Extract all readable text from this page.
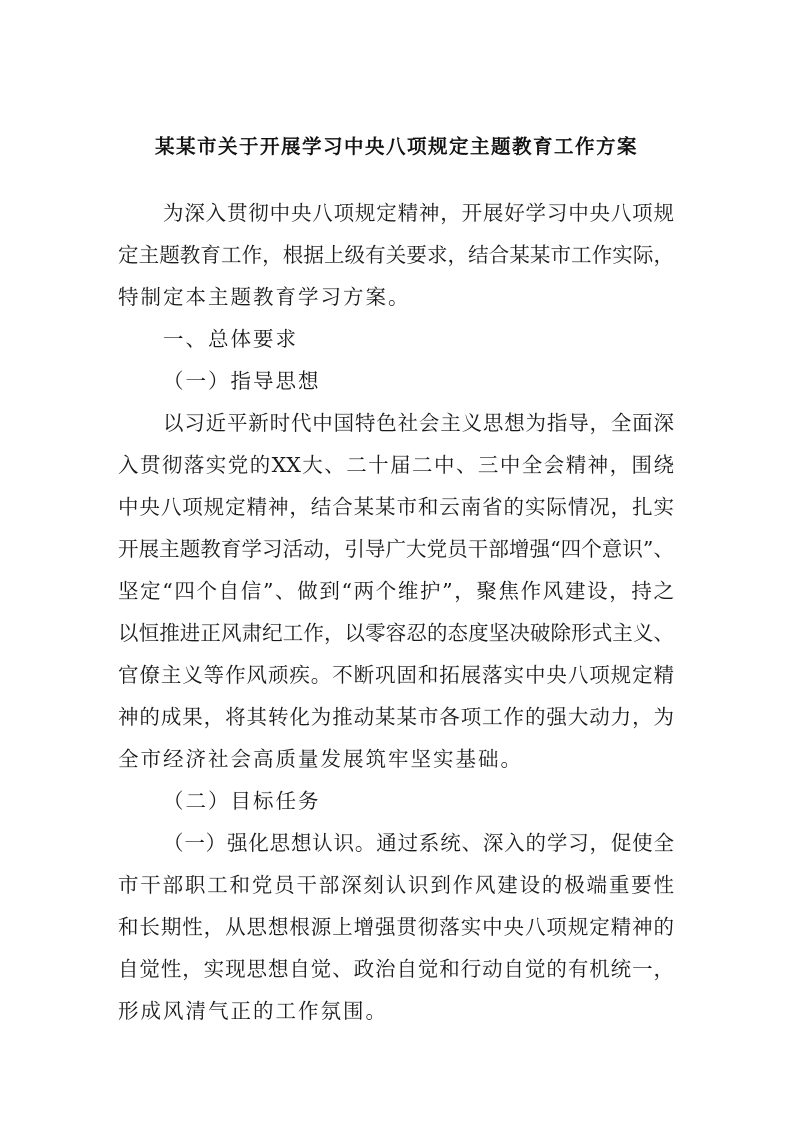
某某市关于开展学习中央八项规定主题教育工作方案
为深入贯彻中央八项规定精神，开展好学习中央八项规
定主题教育工作，根据上级有关要求，结合某某市工作实际，
特制定本主题教育学习方案。
一、总体要求
（一）指导思想
以习近平新时代中国特色社会主义思想为指导，全面深
入贯彻落实党的XX大、二十届二中、三中全会精神，围绕
中央八项规定精神，结合某某市和云南省的实际情况，扎实
开展主题教育学习活动，引导广大党员干部增强“四个意识”、
坚定“四个自信”、做到“两个维护”，聚焦作风建设，持之
以恒推进正风肃纪工作，以零容忍的态度坚决破除形式主义、
官僚主义等作风顽疾。不断巩固和拓展落实中央八项规定精
神的成果，将其转化为推动某某市各项工作的强大动力，为
全市经济社会高质量发展筑牢坚实基础。
（二）目标任务
（一）强化思想认识。通过系统、深入的学习，促使全
市干部职工和党员干部深刻认识到作风建设的极端重要性
和长期性，从思想根源上增强贯彻落实中央八项规定精神的
自觉性，实现思想自觉、政治自觉和行动自觉的有机统一，
形成风清气正的工作氛围。
